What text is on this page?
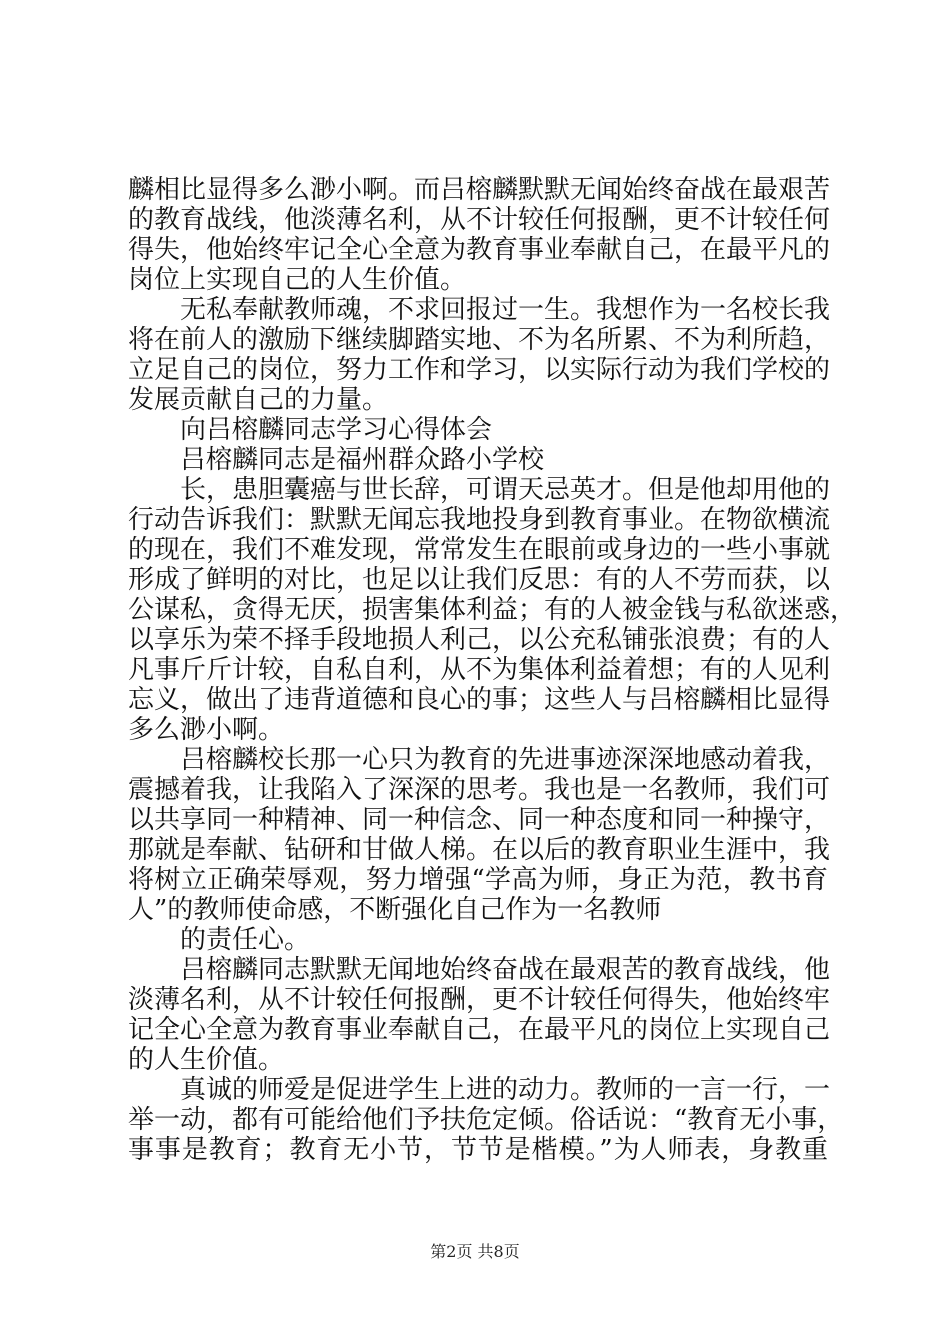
麟相比显得多么渺小啊。而吕榕麟默默无闻始终奋战在最艰苦
的教育战线，他淡薄名利，从不计较任何报酬，更不计较任何
得失，他始终牢记全心全意为教育事业奉献自己，在最平凡的
岗位上实现自己的人生价值。
无私奉献教师魂，不求回报过一生。我想作为一名校长我
将在前人的激励下继续脚踏实地、不为名所累、不为利所趋，
立足自己的岗位，努力工作和学习，以实际行动为我们学校的
发展贡献自己的力量。
向吕榕麟同志学习心得体会
吕榕麟同志是福州群众路小学校
长，患胆囊癌与世长辞，可谓天忌英才。但是他却用他的
行动告诉我们：默默无闻忘我地投身到教育事业。在物欲横流
的现在，我们不难发现，常常发生在眼前或身边的一些小事就
形成了鲜明的对比，也足以让我们反思：有的人不劳而获，以
公谋私，贪得无厌，损害集体利益；有的人被金钱与私欲迷惑，
以享乐为荣不择手段地损人利己，以公充私铺张浪费；有的人
凡事斤斤计较，自私自利，从不为集体利益着想；有的人见利
忘义，做出了违背道德和良心的事；这些人与吕榕麟相比显得
多么渺小啊。
吕榕麟校长那一心只为教育的先进事迹深深地感动着我，
震撼着我，让我陷入了深深的思考。我也是一名教师，我们可
以共享同一种精神、同一种信念、同一种态度和同一种操守，
那就是奉献、钻研和甘做人梯。在以后的教育职业生涯中，我
将树立正确荣辱观，努力增强“学高为师，身正为范，教书育
人”的教师使命感，不断强化自己作为一名教师
的责任心。
吕榕麟同志默默无闻地始终奋战在最艰苦的教育战线，他
淡薄名利，从不计较任何报酬，更不计较任何得失，他始终牢
记全心全意为教育事业奉献自己，在最平凡的岗位上实现自己
的人生价值。
真诚的师爱是促进学生上进的动力。教师的一言一行，一
举一动，都有可能给他们予扶危定倾。俗话说：“教育无小事，
事事是教育；教育无小节，节节是楷模。”为人师表，身教重
第2页 共8页
